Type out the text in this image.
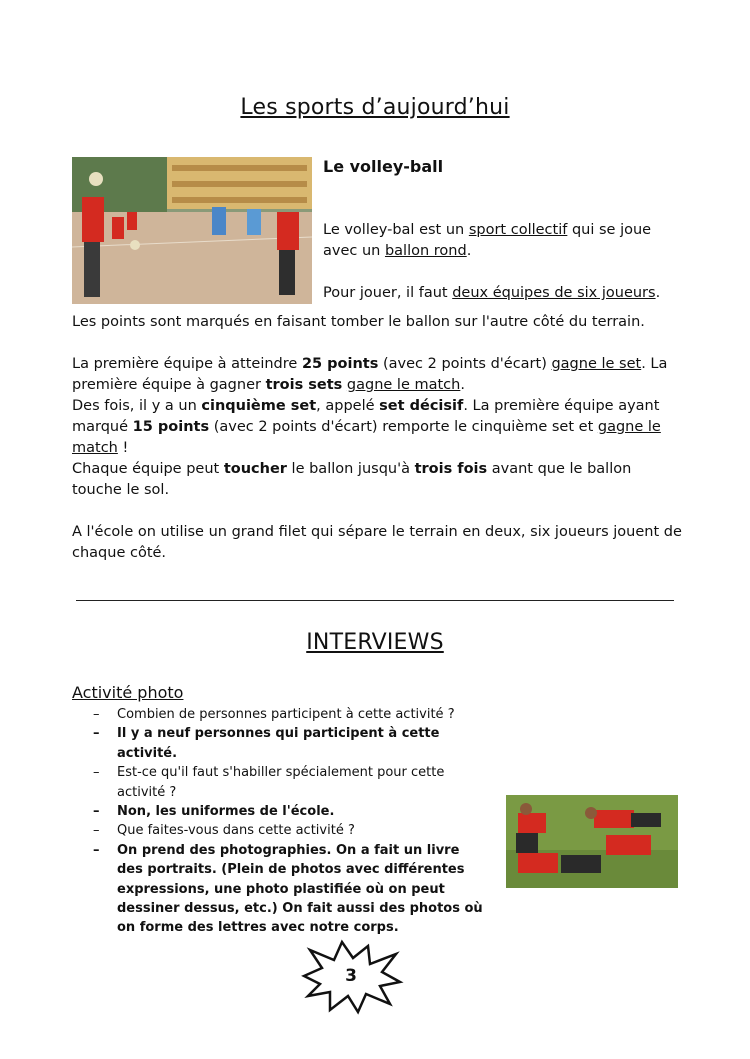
Les sports d’aujourd’hui
Le volley-ball
Le volley-bal est un sport collectif qui se joue avec un ballon rond.
Pour jouer, il faut deux équipes de six joueurs.
Les points sont marqués en faisant tomber le ballon sur l'autre côté du terrain.
La première équipe à atteindre 25 points (avec 2 points d'écart) gagne le set. La première équipe à gagner trois sets gagne le match.
Des fois, il y a un cinquième set, appelé set décisif. La première équipe ayant marqué 15 points (avec 2 points d'écart) remporte le cinquième set et gagne le match !
Chaque équipe peut toucher le ballon jusqu'à trois fois avant que le ballon touche le sol.
A l'école on utilise un grand filet qui sépare le terrain en deux, six joueurs jouent de chaque côté.
INTERVIEWS
Activité photo
– Combien de personnes participent à cette activité ?
– Il y a neuf personnes qui participent à cette activité.
– Est-ce qu'il faut s'habiller spécialement pour cette activité ?
– Non, les uniformes de l'école.
– Que faites-vous dans cette activité ?
– On prend des photographies. On a fait un livre des portraits. (Plein de photos avec différentes expressions, une photo plastifiée où on peut dessiner dessus, etc.) On fait aussi des photos où on forme des lettres avec notre corps.
3
